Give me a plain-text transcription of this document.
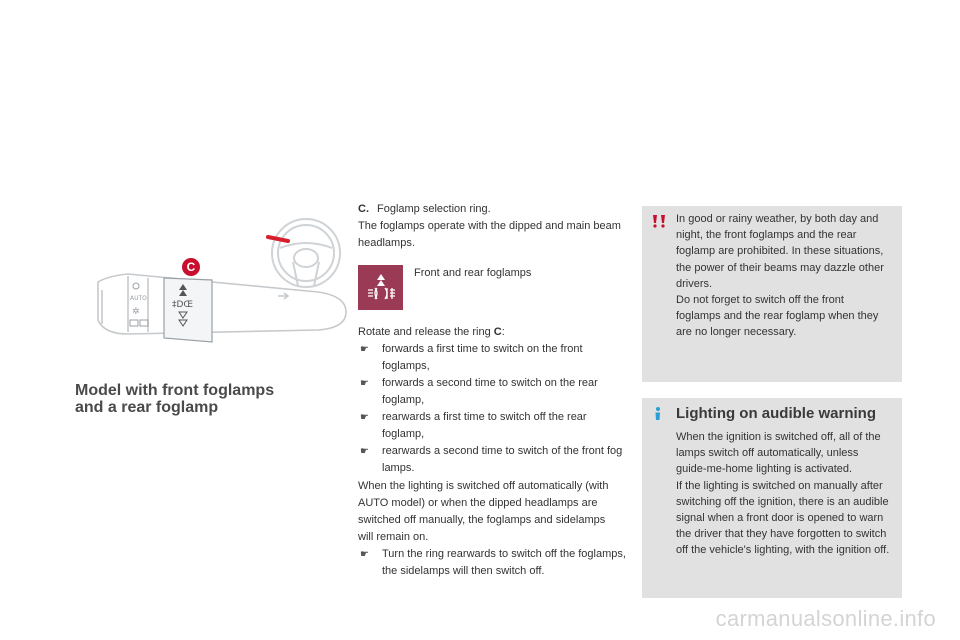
‡DŒ
AUTO
✲
C
Model with front foglamps
and a rear foglamp
C. Foglamp selection ring.
The foglamps operate with the dipped and main beam headlamps.
Front and rear foglamps
Rotate and release the ring C:
☛ forwards a first time to switch on the front foglamps,
☛ forwards a second time to switch on the rear foglamp,
☛ rearwards a first time to switch off the rear foglamp,
☛ rearwards a second time to switch of the front fog lamps.
When the lighting is switched off automatically (with AUTO model) or when the dipped headlamps are switched off manually, the foglamps and sidelamps will remain on.
☛ Turn the ring rearwards to switch off the foglamps, the sidelamps will then switch off.
In good or rainy weather, by both day and night, the front foglamps and the rear foglamp are prohibited. In these situations, the power of their beams may dazzle other drivers.
Do not forget to switch off the front foglamps and the rear foglamp when they are no longer necessary.
Lighting on audible warning
When the ignition is switched off, all of the lamps switch off automatically, unless guide-me-home lighting is activated.
If the lighting is switched on manually after switching off the ignition, there is an audible signal when a front door is opened to warn the driver that they have forgotten to switch off the vehicle's lighting, with the ignition off.
carmanualsonline.info
